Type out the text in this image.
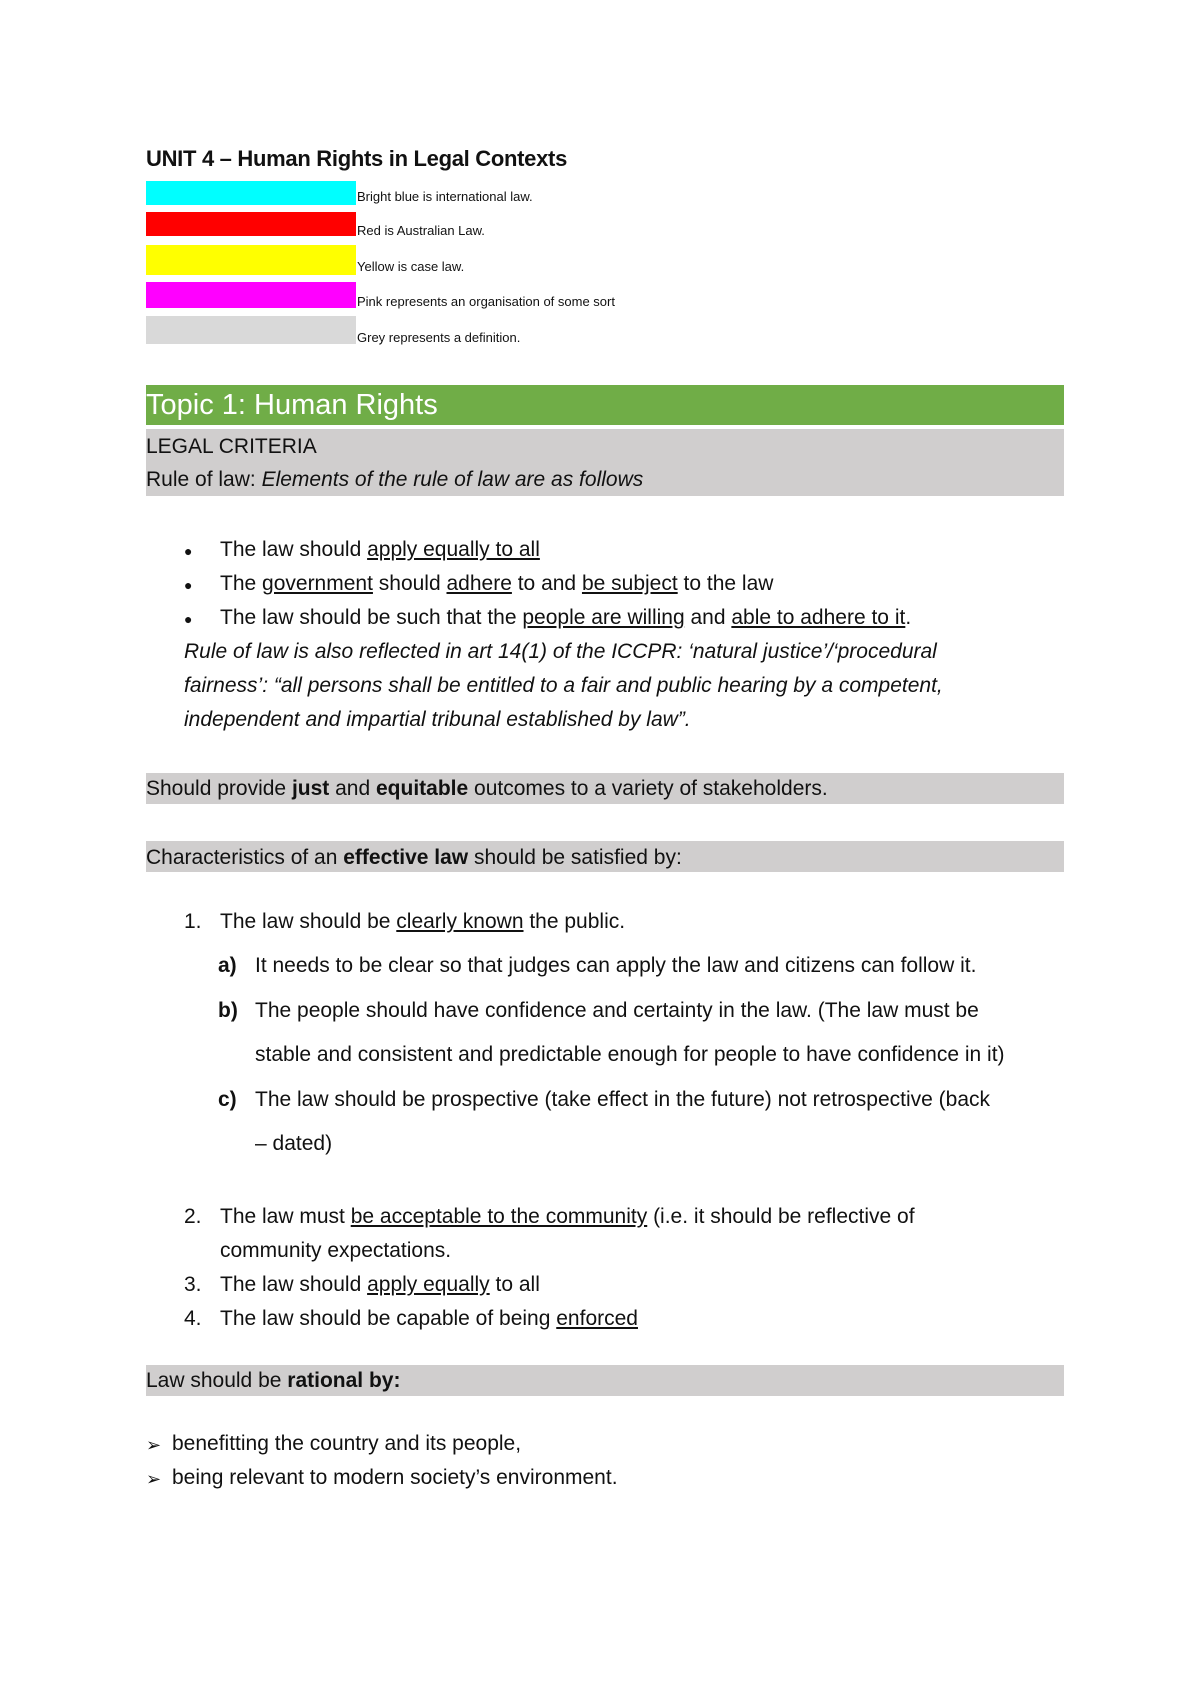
UNIT 4 – Human Rights in Legal Contexts
Bright blue is international law.
Red is Australian Law.
Yellow is case law.
Pink represents an organisation of some sort
Grey represents a definition.
Topic 1: Human Rights
LEGAL CRITERIA
Rule of law: Elements of the rule of law are as follows
● The law should apply equally to all
● The government should adhere to and be subject to the law
● The law should be such that the people are willing and able to adhere to it.
Rule of law is also reflected in art 14(1) of the ICCPR: ‘natural justice’/‘procedural
fairness’: “all persons shall be entitled to a fair and public hearing by a competent,
independent and impartial tribunal established by law”.
Should provide just and equitable outcomes to a variety of stakeholders.
Characteristics of an effective law should be satisfied by:
1. The law should be clearly known the public.
a) It needs to be clear so that judges can apply the law and citizens can follow it.
b) The people should have confidence and certainty in the law. (The law must be
stable and consistent and predictable enough for people to have confidence in it)
c) The law should be prospective (take effect in the future) not retrospective (back
– dated)
2. The law must be acceptable to the community (i.e. it should be reflective of
community expectations.
3. The law should apply equally to all
4. The law should be capable of being enforced
Law should be rational by:
➢ benefitting the country and its people,
➢ being relevant to modern society’s environment.
